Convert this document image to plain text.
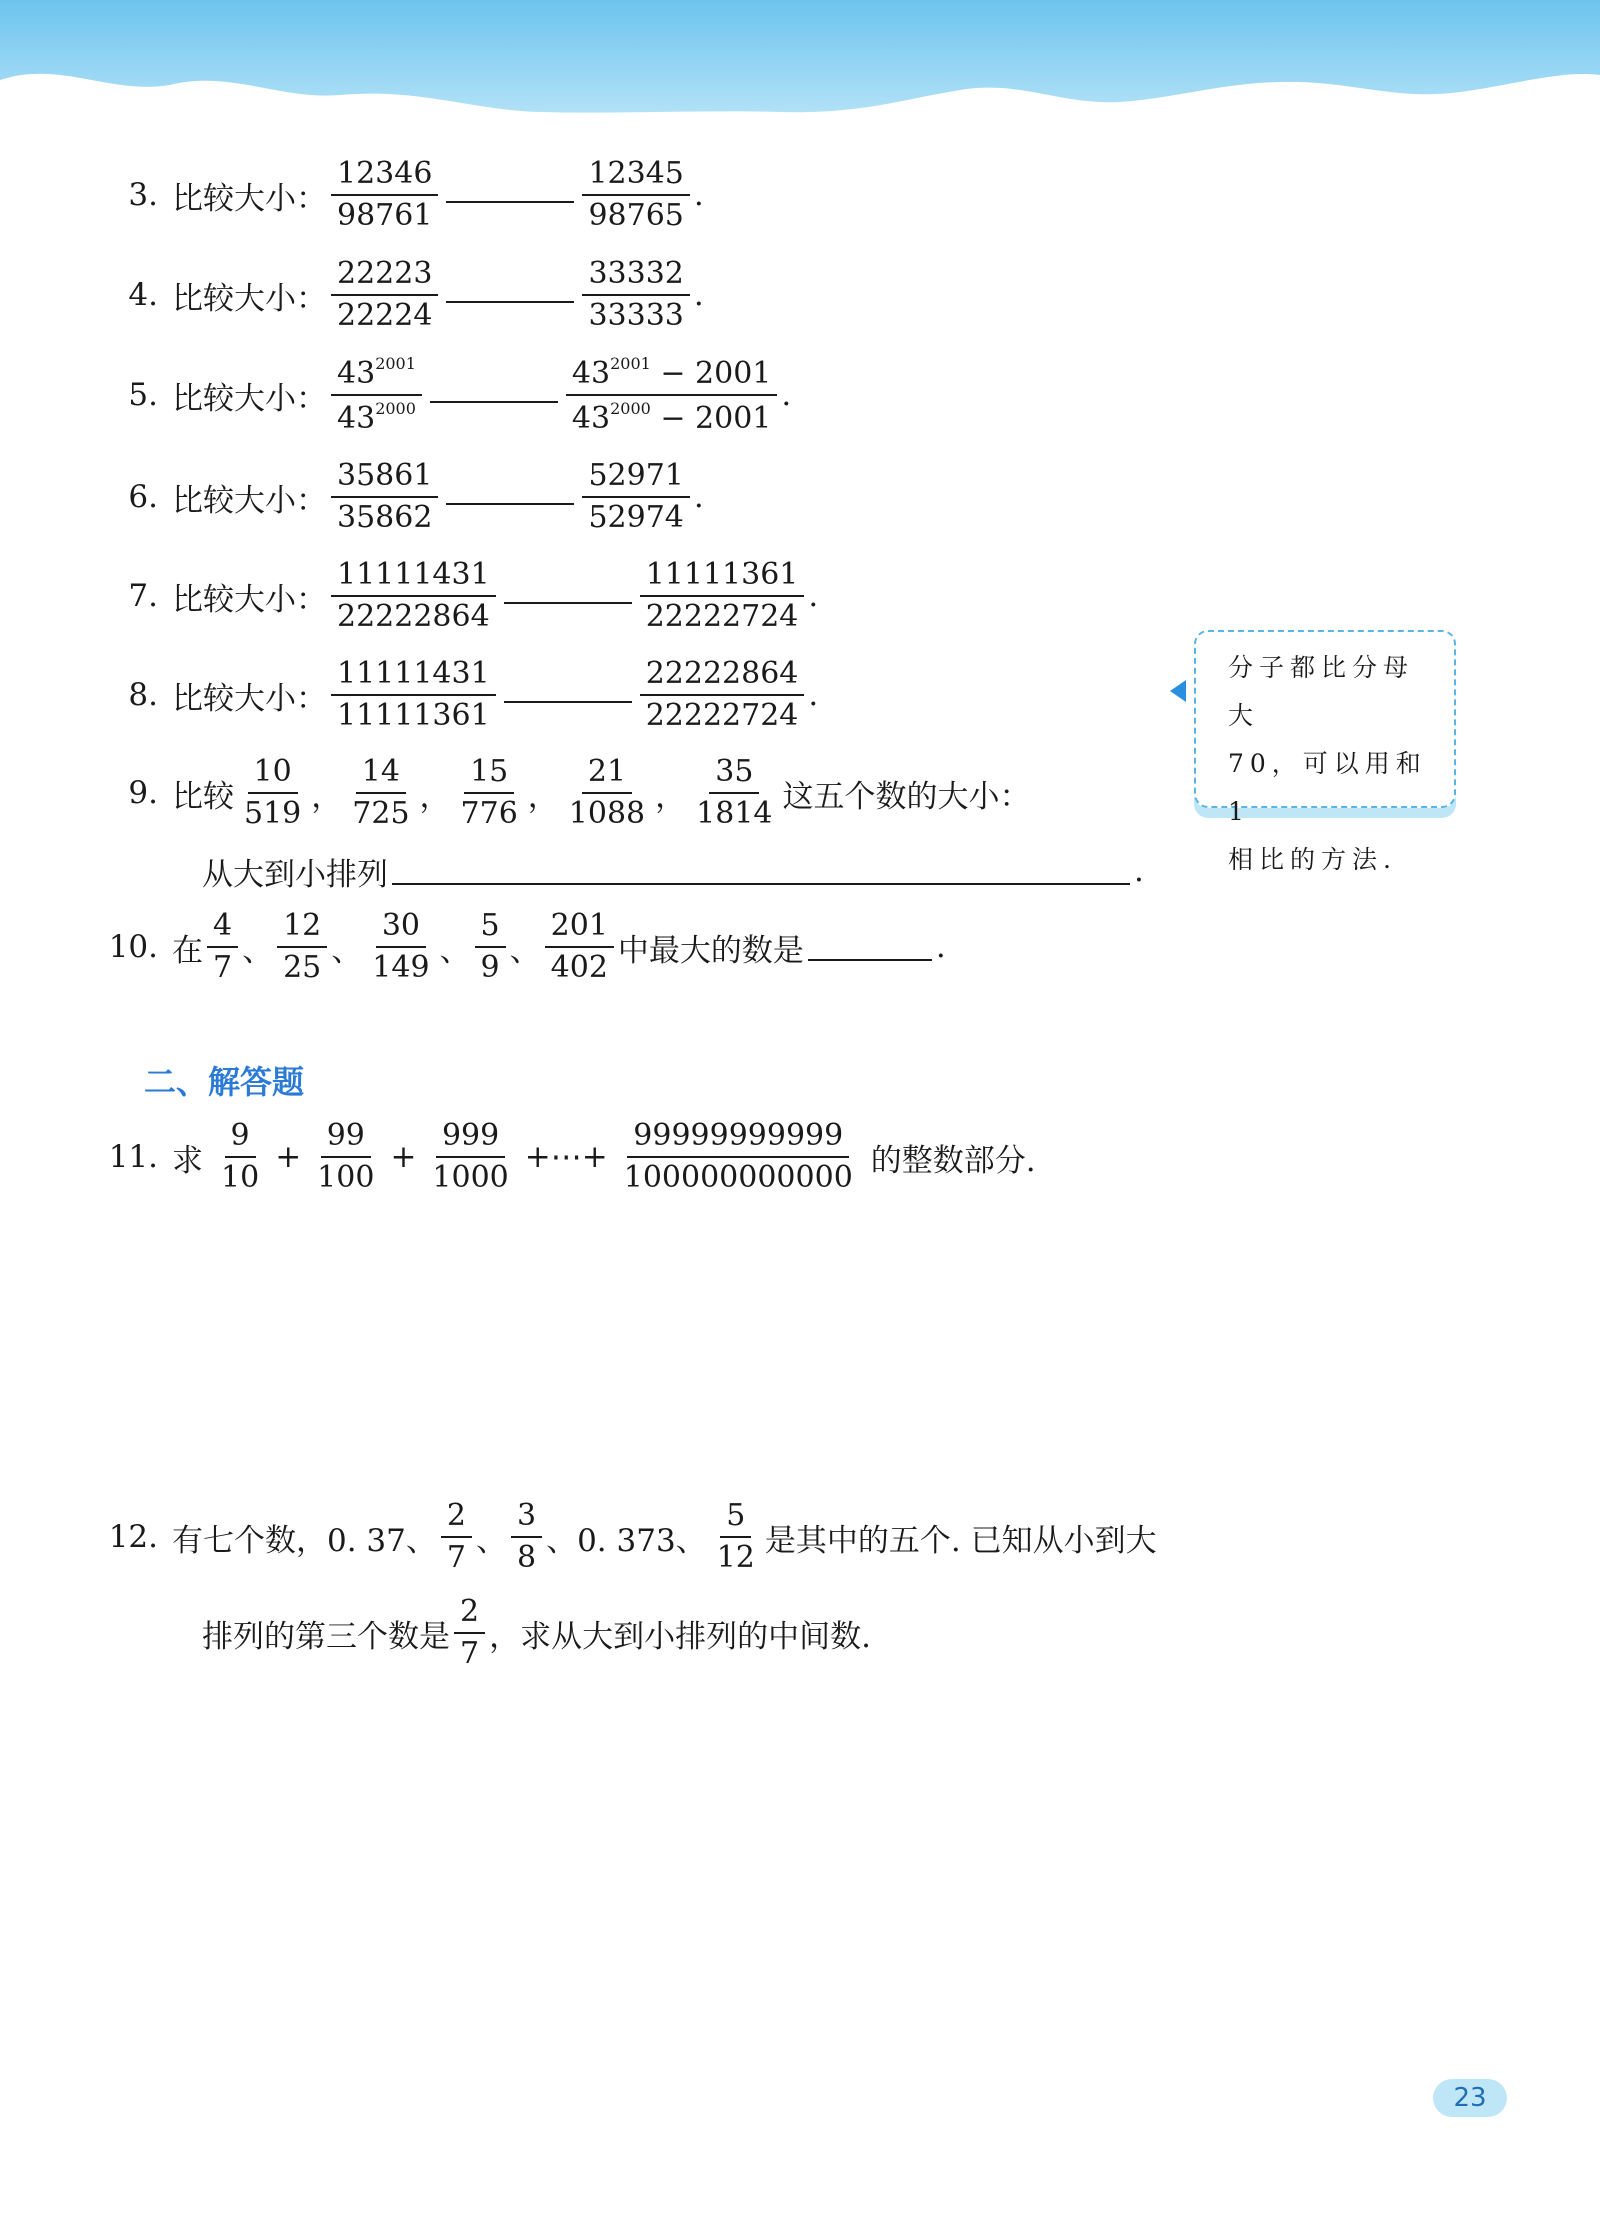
3. 比较大小： $\frac{12346}{98761}$	$\frac{12345}{98765}$ .
4. 比较大小： $\frac{22223}{22224}$	$\frac{33332}{33333}$ .
5. 比较大小： $\frac{43^{2001}}{43^{2000}}$	$\frac{43^{2001} - 2001}{43^{2000} - 2001}$ .
6. 比较大小： $\frac{35861}{35862}$	$\frac{52971}{52974}$ .
7. 比较大小： $\frac{11111431}{22222864}$	$\frac{11111361}{22222724}$ .
8. 比较大小： $\frac{11111431}{11111361}$	$\frac{22222864}{22222724}$ .
分子都比分母大
70，可以用和 1
相比的方法.
9. 比较 $\frac{10}{519}$ ， $\frac{14}{725}$ ， $\frac{15}{776}$ ， $\frac{21}{1088}$ ， $\frac{35}{1814}$ 这五个数的大小：
从大到小排列	.
10. 在 $\frac{4}{7}$ 、 $\frac{12}{25}$ 、 $\frac{30}{149}$ 、 $\frac{5}{9}$ 、 $\frac{201}{402}$ 中最大的数是	.
二、解答题
11. 求 $\frac{9}{10} + \frac{99}{100} + \frac{999}{1000}$ +⋯+ $\frac{99999999999}{100000000000}$ 的整数部分.
12. 有七个数，0. 37、 $\frac{2}{7}$ 、 $\frac{3}{8}$ 、0. 373、 $\frac{5}{12}$ 是其中的五个. 已知从小到大
排列的第三个数是 $\frac{2}{7}$ ，求从大到小排列的中间数.
23
